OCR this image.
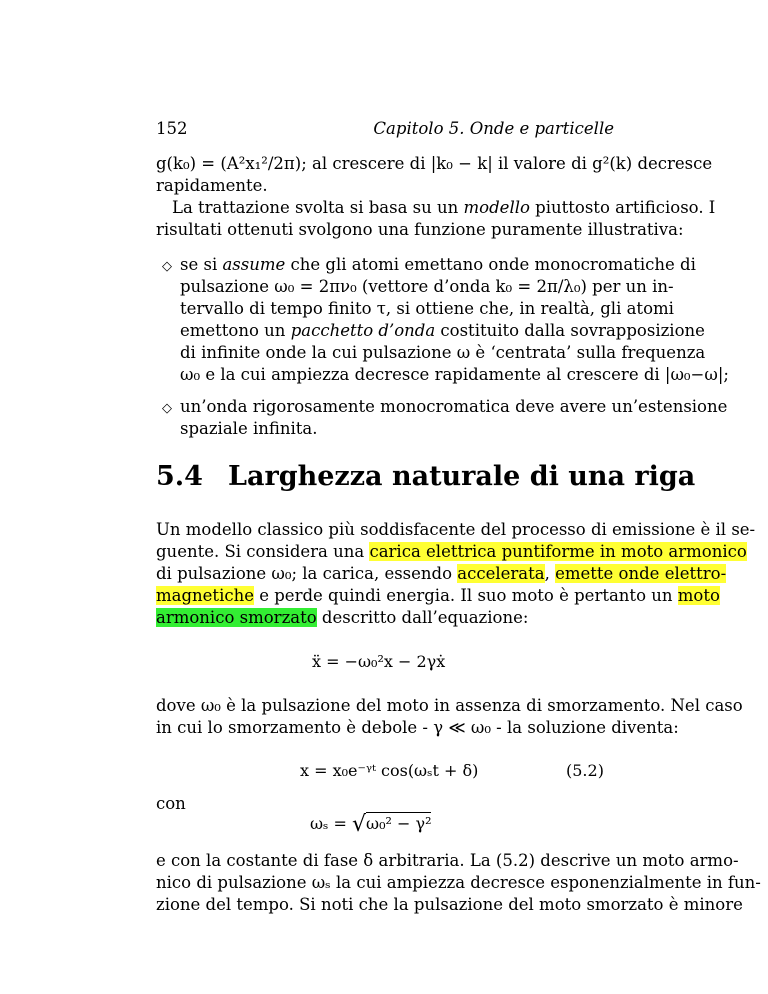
152	Capitolo 5. Onde e particelle
g(k₀) = (A²x₁²/2π); al crescere di |k₀ − k| il valore di g²(k) decresce
rapidamente.
La trattazione svolta si basa su un modello piuttosto artificioso. I
risultati ottenuti svolgono una funzione puramente illustrativa:
◇ se si assume che gli atomi emettano onde monocromatiche di
pulsazione ω₀ = 2πν₀ (vettore d’onda k₀ = 2π/λ₀) per un in-
tervallo di tempo finito τ, si ottiene che, in realtà, gli atomi
emettono un pacchetto d’onda costituito dalla sovrapposizione
di infinite onde la cui pulsazione ω è ‘centrata’ sulla frequenza
ω₀ e la cui ampiezza decresce rapidamente al crescere di |ω₀−ω|;
◇ un’onda rigorosamente monocromatica deve avere un’estensione
spaziale infinita.
5.4 Larghezza naturale di una riga
Un modello classico più soddisfacente del processo di emissione è il se-
guente. Si considera una carica elettrica puntiforme in moto armonico
di pulsazione ω₀; la carica, essendo accelerata, emette onde elettro-
magnetiche e perde quindi energia. Il suo moto è pertanto un moto
armonico smorzato descritto dall’equazione:
ẍ = −ω₀²x − 2γẋ
dove ω₀ è la pulsazione del moto in assenza di smorzamento. Nel caso
in cui lo smorzamento è debole - γ ≪ ω₀ - la soluzione diventa:
x = x₀e⁻ᵞᵗ cos(ωₛt + δ)	(5.2)
con
ωₛ = √ω₀² − γ²
e con la costante di fase δ arbitraria. La (5.2) descrive un moto armo-
nico di pulsazione ωₛ la cui ampiezza decresce esponenzialmente in fun-
zione del tempo. Si noti che la pulsazione del moto smorzato è minore
